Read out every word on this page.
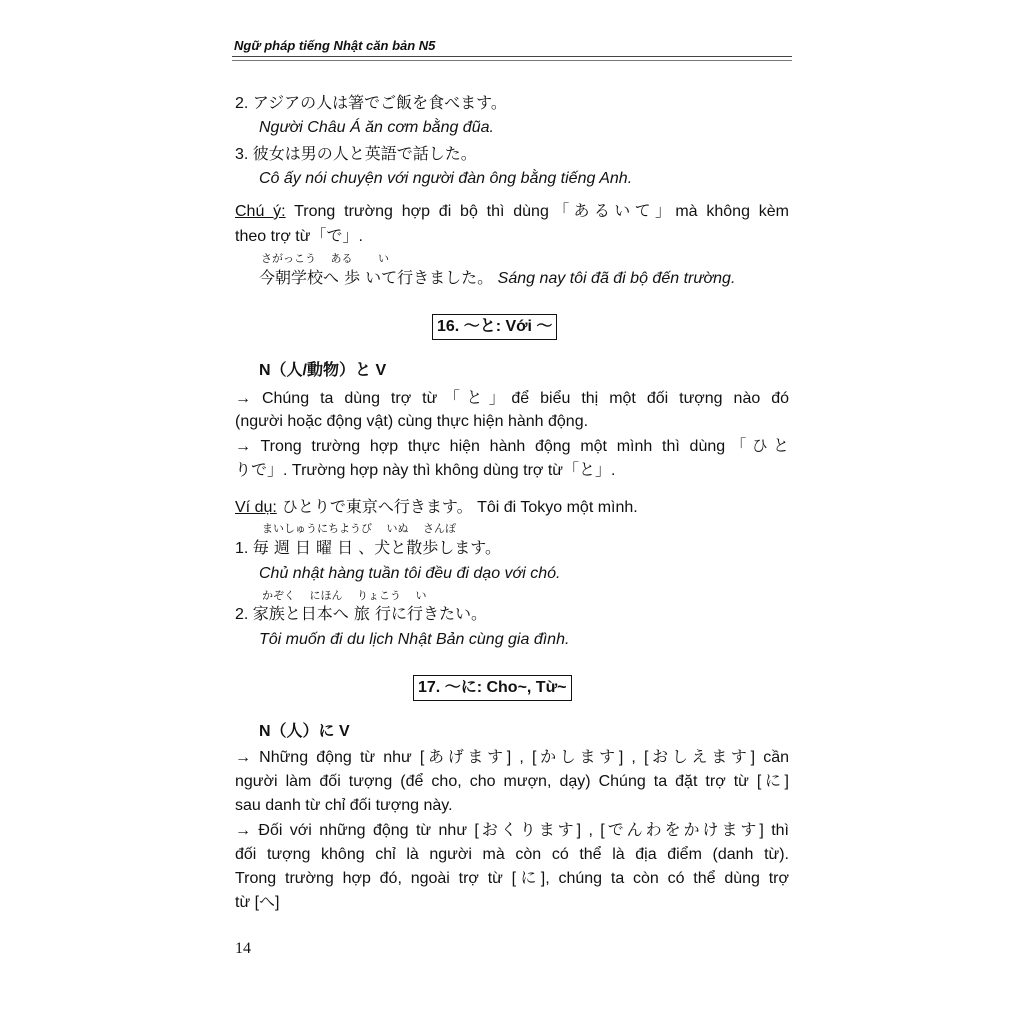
Ngữ pháp tiếng Nhật căn bản N5
2. アジアの人は箸でご飯を食べます。
Người Châu Á ăn cơm bằng đũa.
3. 彼女は男の人と英語で話した。
Cô ấy nói chuyện với người đàn ông bằng tiếng Anh.
Chú ý: Trong trường hợp đi bộ thì dùng「あるいて」mà không kèm
theo trợ từ「で」.
さがっこう　 ある　　 い
今朝学校へ 歩 いて行きました。 Sáng nay tôi đã đi bộ đến trường.
16. ～と: Với ～
N（人/動物）と V
→ Chúng ta dùng trợ từ「と」để biểu thị một đối tượng nào đó
(người hoặc động vật) cùng thực hiện hành động.
→ Trong trường hợp thực hiện hành động một mình thì dùng「ひと
りで」. Trường hợp này thì không dùng trợ từ「と」.
Ví dụ: ひとりで東京へ行きます。 Tôi đi Tokyo một mình.
まいしゅうにちようび　 いぬ　 さんぽ
1. 毎 週 日 曜 日 、犬と散歩します。
Chủ nhật hàng tuần tôi đều đi dạo với chó.
かぞく　 にほん　 りょこう　 い
2. 家族と日本へ 旅 行に行きたい。
Tôi muốn đi du lịch Nhật Bản cùng gia đình.
17. ～に: Cho~, Từ~
N（人）に V
→ Những động từ như [あげます] , [かします] , [おしえます] cần
người làm đối tượng (để cho, cho mượn, dạy) Chúng ta đặt trợ từ [に]
sau danh từ chỉ đối tượng này.
→ Đối với những động từ như [おくります] , [でんわをかけます] thì
đối tượng không chỉ là người mà còn có thể là địa điểm (danh từ).
Trong trường hợp đó, ngoài trợ từ [に], chúng ta còn có thể dùng trợ
từ [へ]
14
